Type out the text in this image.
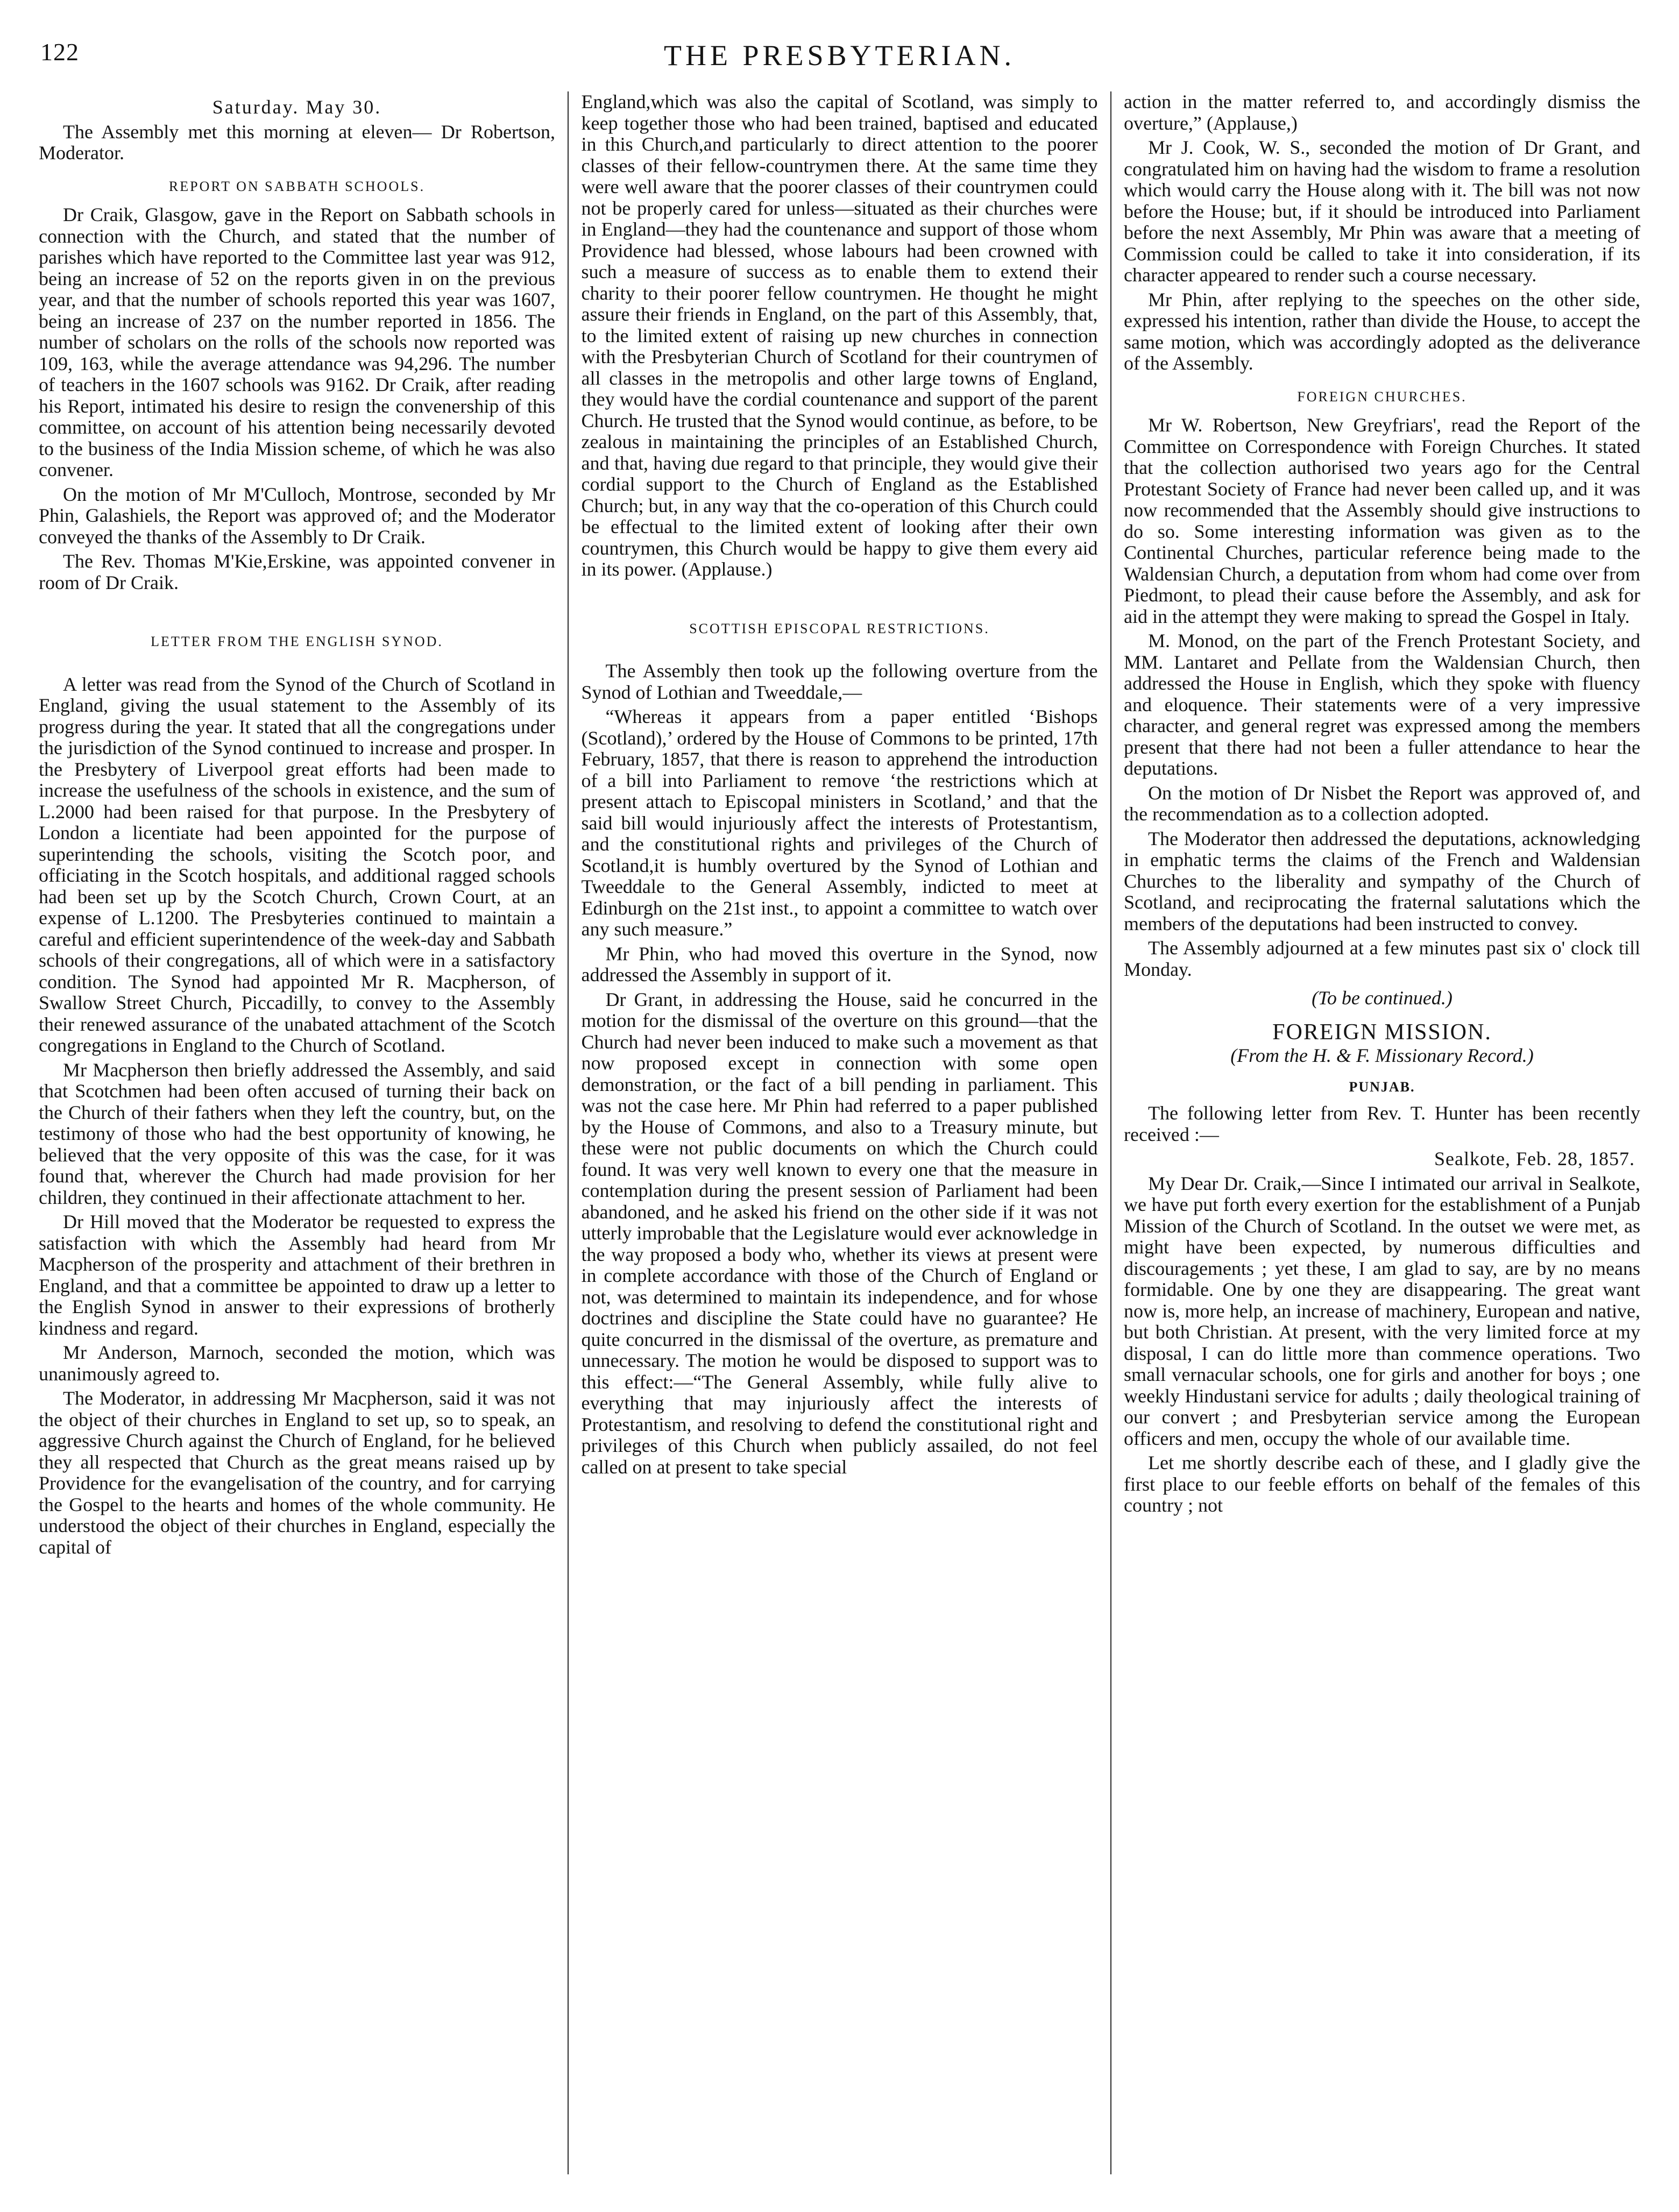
122	THE PRESBYTERIAN.
Saturday. May 30.

The Assembly met this morning at eleven— Dr Robertson, Moderator.

REPORT ON SABBATH SCHOOLS.

Dr Craik, Glasgow, gave in the Report on Sabbath schools in connection with the Church, and stated that the number of parishes which have reported to the Committee last year was 912, being an increase of 52 on the reports given in on the previous year, and that the number of schools reported this year was 1607, being an increase of 237 on the number reported in 1856. The number of scholars on the rolls of the schools now reported was 109, 163, while the average attendance was 94,296. The number of teachers in the 1607 schools was 9162. Dr Craik, after reading his Report, intimated his desire to resign the convenership of this committee, on account of his attention being necessarily devoted to the business of the India Mission scheme, of which he was also convener.

On the motion of Mr M'Culloch, Montrose, seconded by Mr Phin, Galashiels, the Report was approved of; and the Moderator conveyed the thanks of the Assembly to Dr Craik.

The Rev. Thomas M'Kie,Erskine, was appointed convener in room of Dr Craik.

LETTER FROM THE ENGLISH SYNOD.

A letter was read from the Synod of the Church of Scotland in England, giving the usual statement to the Assembly of its progress during the year. It stated that all the congregations under the jurisdiction of the Synod continued to increase and prosper. In the Presbytery of Liverpool great efforts had been made to increase the usefulness of the schools in existence, and the sum of L.2000 had been raised for that purpose. In the Presbytery of London a licentiate had been appointed for the purpose of superintending the schools, visiting the Scotch poor, and officiating in the Scotch hospitals, and additional ragged schools had been set up by the Scotch Church, Crown Court, at an expense of L.1200. The Presbyteries continued to maintain a careful and efficient superintendence of the week-day and Sabbath schools of their congregations, all of which were in a satisfactory condition. The Synod had appointed Mr R. Macpherson, of Swallow Street Church, Piccadilly, to convey to the Assembly their renewed assurance of the unabated attachment of the Scotch congregations in England to the Church of Scotland.

Mr Macpherson then briefly addressed the Assembly, and said that Scotchmen had been often accused of turning their back on the Church of their fathers when they left the country, but, on the testimony of those who had the best opportunity of knowing, he believed that the very opposite of this was the case, for it was found that, wherever the Church had made provision for her children, they continued in their affectionate attachment to her.

Dr Hill moved that the Moderator be requested to express the satisfaction with which the Assembly had heard from Mr Macpherson of the prosperity and attachment of their brethren in England, and that a committee be appointed to draw up a letter to the English Synod in answer to their expressions of brotherly kindness and regard.

Mr Anderson, Marnoch, seconded the motion, which was unanimously agreed to.

The Moderator, in addressing Mr Macpherson, said it was not the object of their churches in England to set up, so to speak, an aggressive Church against the Church of England, for he believed they all respected that Church as the great means raised up by Providence for the evangelisation of the country, and for carrying the Gospel to the hearts and homes of the whole community. He understood the object of their churches in England, especially the capital of

England,which was also the capital of Scotland, was simply to keep together those who had been trained, baptised and educated in this Church,and particularly to direct attention to the poorer classes of their fellow-countrymen there. At the same time they were well aware that the poorer classes of their countrymen could not be properly cared for unless—situated as their churches were in England—they had the countenance and support of those whom Providence had blessed, whose labours had been crowned with such a measure of success as to enable them to extend their charity to their poorer fellow countrymen. He thought he might assure their friends in England, on the part of this Assembly, that, to the limited extent of raising up new churches in connection with the Presbyterian Church of Scotland for their countrymen of all classes in the metropolis and other large towns of England, they would have the cordial countenance and support of the parent Church. He trusted that the Synod would continue, as before, to be zealous in maintaining the principles of an Established Church, and that, having due regard to that principle, they would give their cordial support to the Church of England as the Established Church; but, in any way that the co-operation of this Church could be effectual to the limited extent of looking after their own countrymen, this Church would be happy to give them every aid in its power. (Applause.)

SCOTTISH EPISCOPAL RESTRICTIONS.

The Assembly then took up the following overture from the Synod of Lothian and Tweeddale,—

“Whereas it appears from a paper entitled ‘Bishops (Scotland),’ ordered by the House of Commons to be printed, 17th February, 1857, that there is reason to apprehend the introduction of a bill into Parliament to remove ‘the restrictions which at present attach to Episcopal ministers in Scotland,’ and that the said bill would injuriously affect the interests of Protestantism, and the constitutional rights and privileges of the Church of Scotland,it is humbly overtured by the Synod of Lothian and Tweeddale to the General Assembly, indicted to meet at Edinburgh on the 21st inst., to appoint a committee to watch over any such measure.”

Mr Phin, who had moved this overture in the Synod, now addressed the Assembly in support of it.

Dr Grant, in addressing the House, said he concurred in the motion for the dismissal of the overture on this ground—that the Church had never been induced to make such a movement as that now proposed except in connection with some open demonstration, or the fact of a bill pending in parliament. This was not the case here. Mr Phin had referred to a paper published by the House of Commons, and also to a Treasury minute, but these were not public documents on which the Church could found. It was very well known to every one that the measure in contemplation during the present session of Parliament had been abandoned, and he asked his friend on the other side if it was not utterly improbable that the Legislature would ever acknowledge in the way proposed a body who, whether its views at present were in complete accordance with those of the Church of England or not, was determined to maintain its independence, and for whose doctrines and discipline the State could have no guarantee? He quite concurred in the dismissal of the overture, as premature and unnecessary. The motion he would be disposed to support was to this effect:—“The General Assembly, while fully alive to everything that may injuriously affect the interests of Protestantism, and resolving to defend the constitutional right and privileges of this Church when publicly assailed, do not feel called on at present to take special

action in the matter referred to, and accordingly dismiss the overture,” (Applause,)

Mr J. Cook, W. S., seconded the motion of Dr Grant, and congratulated him on having had the wisdom to frame a resolution which would carry the House along with it. The bill was not now before the House; but, if it should be introduced into Parliament before the next Assembly, Mr Phin was aware that a meeting of Commission could be called to take it into consideration, if its character appeared to render such a course necessary.

Mr Phin, after replying to the speeches on the other side, expressed his intention, rather than divide the House, to accept the same motion, which was accordingly adopted as the deliverance of the Assembly.

FOREIGN CHURCHES.

Mr W. Robertson, New Greyfriars', read the Report of the Committee on Correspondence with Foreign Churches. It stated that the collection authorised two years ago for the Central Protestant Society of France had never been called up, and it was now recommended that the Assembly should give instructions to do so. Some interesting information was given as to the Continental Churches, particular reference being made to the Waldensian Church, a deputation from whom had come over from Piedmont, to plead their cause before the Assembly, and ask for aid in the attempt they were making to spread the Gospel in Italy.

M. Monod, on the part of the French Protestant Society, and MM. Lantaret and Pellate from the Waldensian Church, then addressed the House in English, which they spoke with fluency and eloquence. Their statements were of a very impressive character, and general regret was expressed among the members present that there had not been a fuller attendance to hear the deputations.

On the motion of Dr Nisbet the Report was approved of, and the recommendation as to a collection adopted.

The Moderator then addressed the deputations, acknowledging in emphatic terms the claims of the French and Waldensian Churches to the liberality and sympathy of the Church of Scotland, and reciprocating the fraternal salutations which the members of the deputations had been instructed to convey.

The Assembly adjourned at a few minutes past six o' clock till Monday.

(To be continued.)
FOREIGN MISSION.
(From the H. & F. Missionary Record.)
PUNJAB.

The following letter from Rev. T. Hunter has been recently received :—

Sealkote, Feb. 28, 1857.

My Dear Dr. Craik,—Since I intimated our arrival in Sealkote, we have put forth every exertion for the establishment of a Punjab Mission of the Church of Scotland. In the outset we were met, as might have been expected, by numerous difficulties and discouragements ; yet these, I am glad to say, are by no means formidable. One by one they are disappearing. The great want now is, more help, an increase of machinery, European and native, but both Christian. At present, with the very limited force at my disposal, I can do little more than commence operations. Two small vernacular schools, one for girls and another for boys ; one weekly Hindustani service for adults ; daily theological training of our convert ; and Presbyterian service among the European officers and men, occupy the whole of our available time.

Let me shortly describe each of these, and I gladly give the first place to our feeble efforts on behalf of the females of this country ; not
